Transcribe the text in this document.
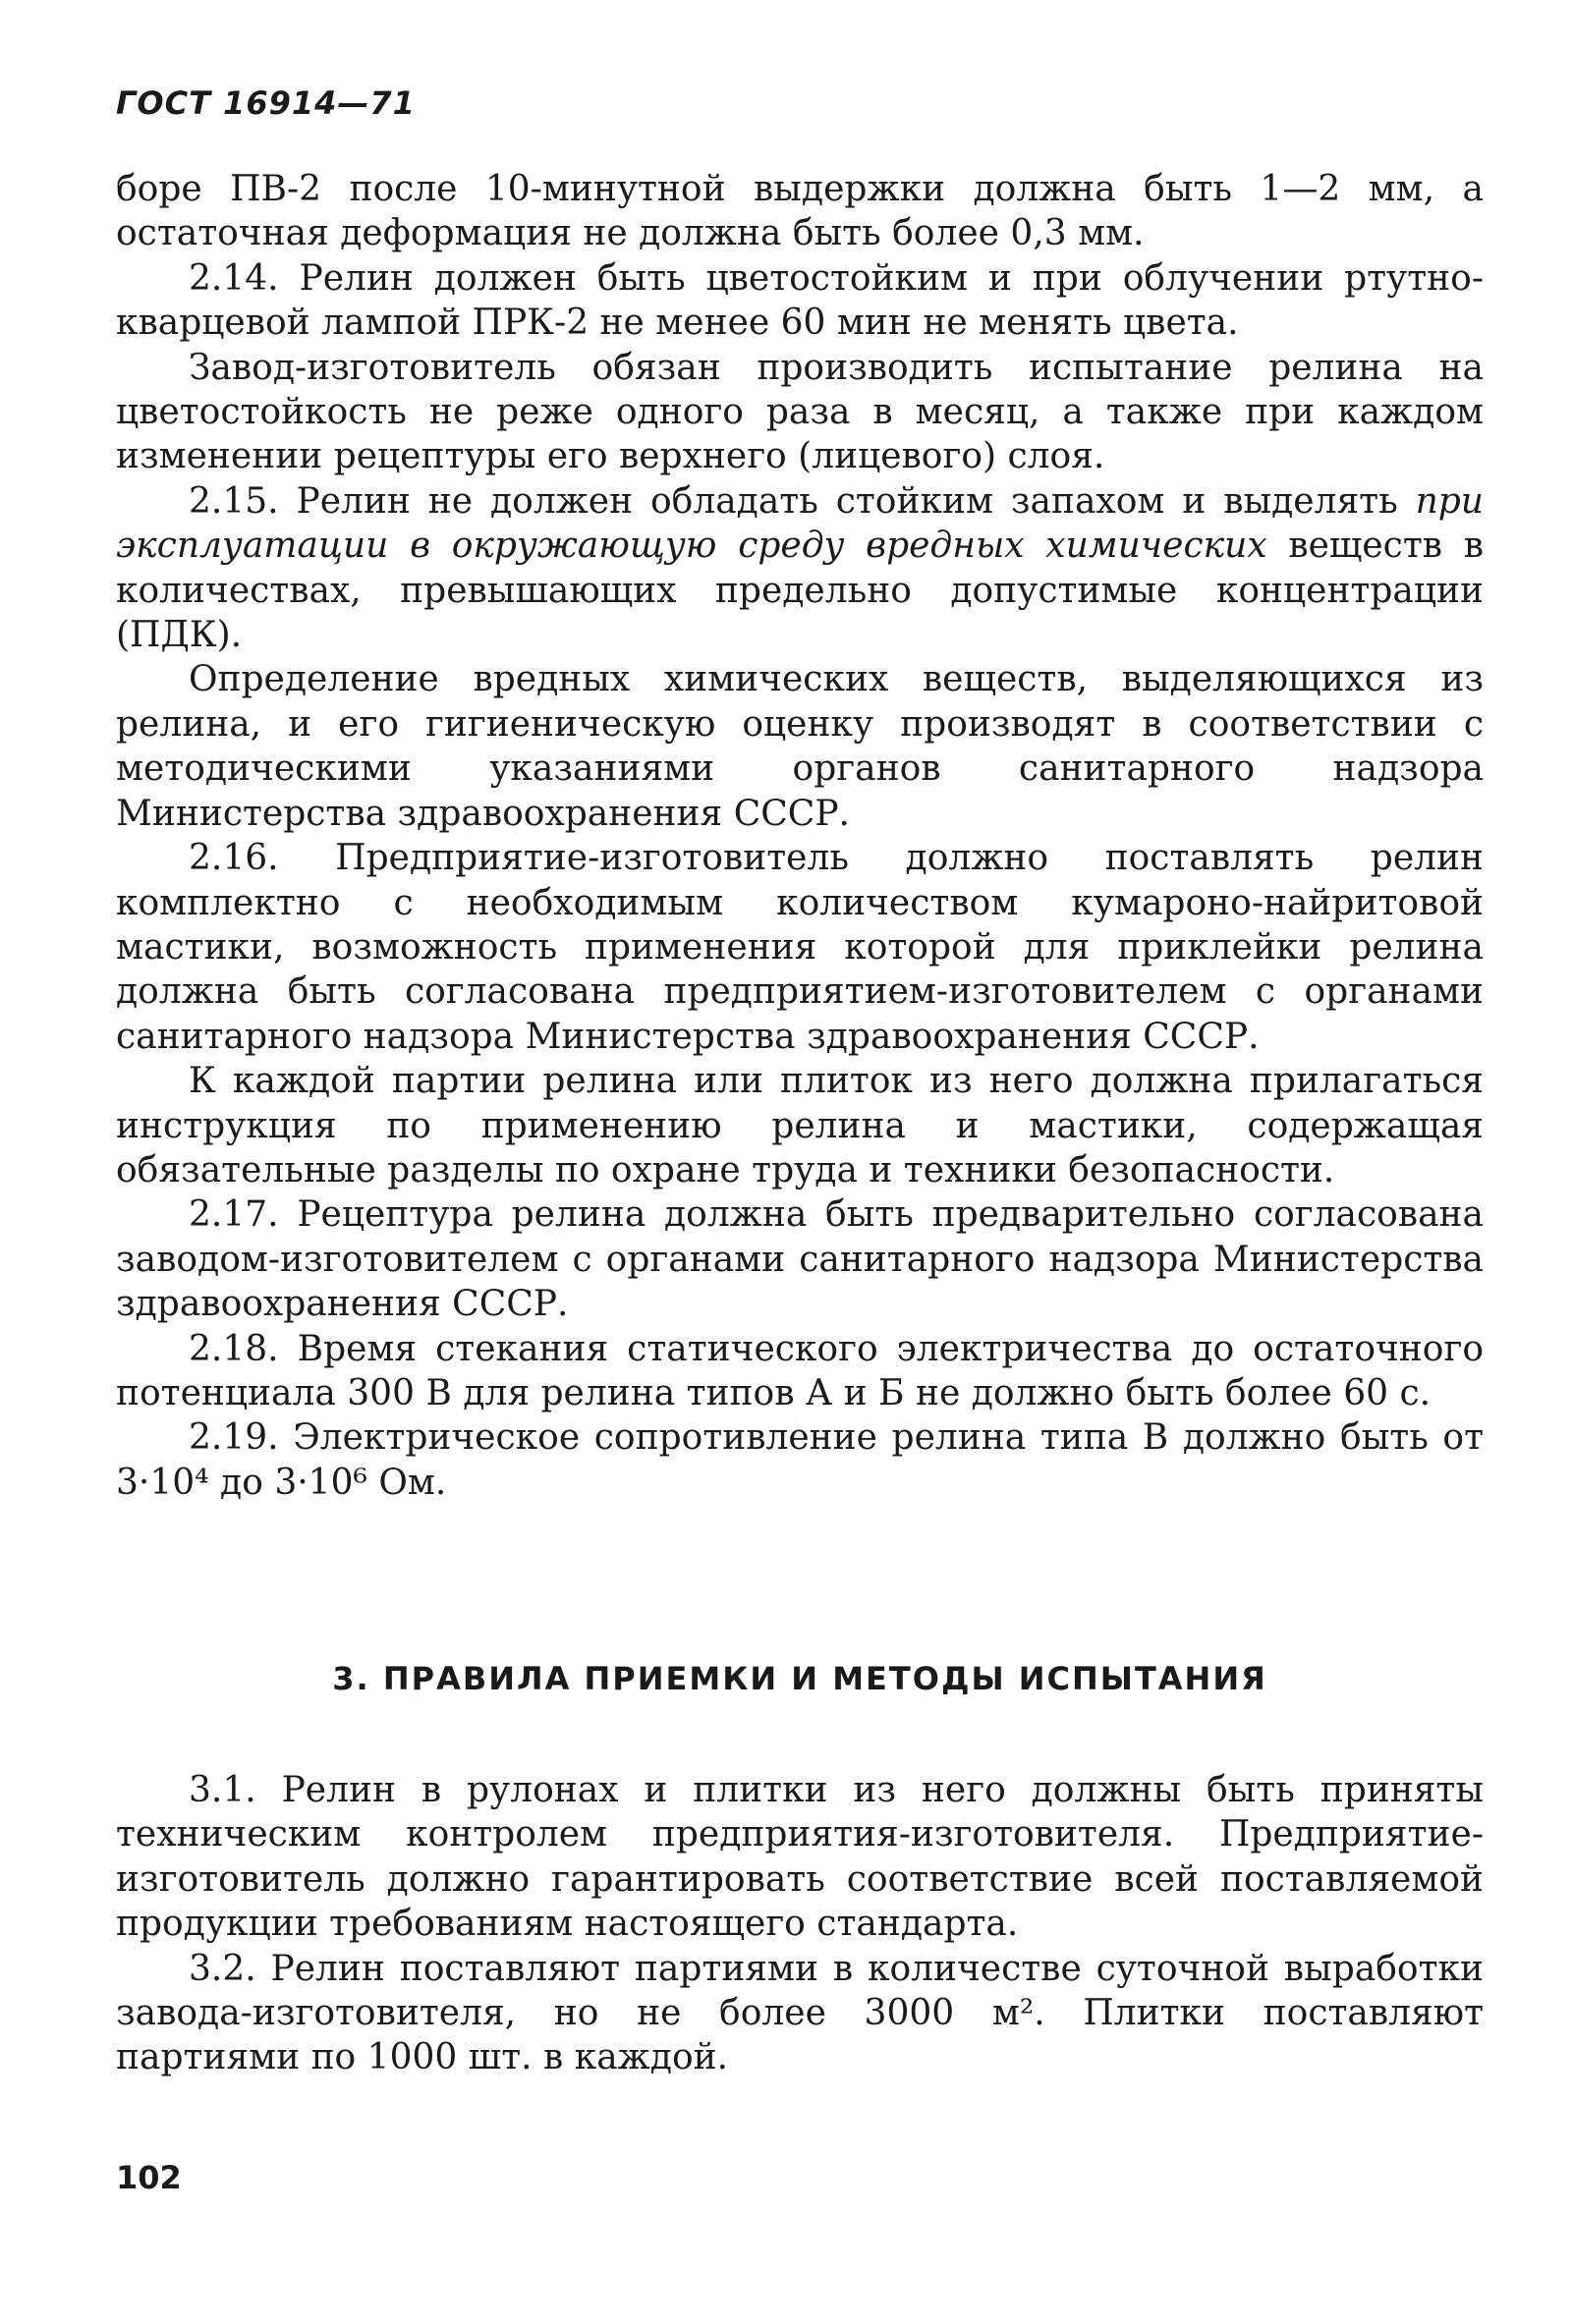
ГОСТ 16914—71

боре ПВ-2 после 10-минутной выдержки должна быть 1—2 мм, а остаточная деформация не должна быть более 0,3 мм.

2.14. Релин должен быть цветостойким и при облучении ртутно-кварцевой лампой ПРК-2 не менее 60 мин не менять цвета.

Завод-изготовитель обязан производить испытание релина на цветостойкость не реже одного раза в месяц, а также при каждом изменении рецептуры его верхнего (лицевого) слоя.

2.15. Релин не должен обладать стойким запахом и выделять при эксплуатации в окружающую среду вредных химических веществ в количествах, превышающих предельно допустимые концентрации (ПДК).

Определение вредных химических веществ, выделяющихся из релина, и его гигиеническую оценку производят в соответствии с методическими указаниями органов санитарного надзора Министерства здравоохранения СССР.

2.16. Предприятие-изготовитель должно поставлять релин комплектно с необходимым количеством кумароно-найритовой мастики, возможность применения которой для приклейки релина должна быть согласована предприятием-изготовителем с органами санитарного надзора Министерства здравоохранения СССР.

К каждой партии релина или плиток из него должна прилагаться инструкция по применению релина и мастики, содержащая обязательные разделы по охране труда и техники безопасности.

2.17. Рецептура релина должна быть предварительно согласована заводом-изготовителем с органами санитарного надзора Министерства здравоохранения СССР.

2.18. Время стекания статического электричества до остаточного потенциала 300 В для релина типов А и Б не должно быть более 60 с.

2.19. Электрическое сопротивление релина типа В должно быть от 3·10⁴ до 3·10⁶ Ом.

3. ПРАВИЛА ПРИЕМКИ И МЕТОДЫ ИСПЫТАНИЯ

3.1. Релин в рулонах и плитки из него должны быть приняты техническим контролем предприятия-изготовителя. Предприятие-изготовитель должно гарантировать соответствие всей поставляемой продукции требованиям настоящего стандарта.

3.2. Релин поставляют партиями в количестве суточной выработки завода-изготовителя, но не более 3000 м². Плитки поставляют партиями по 1000 шт. в каждой.

102
